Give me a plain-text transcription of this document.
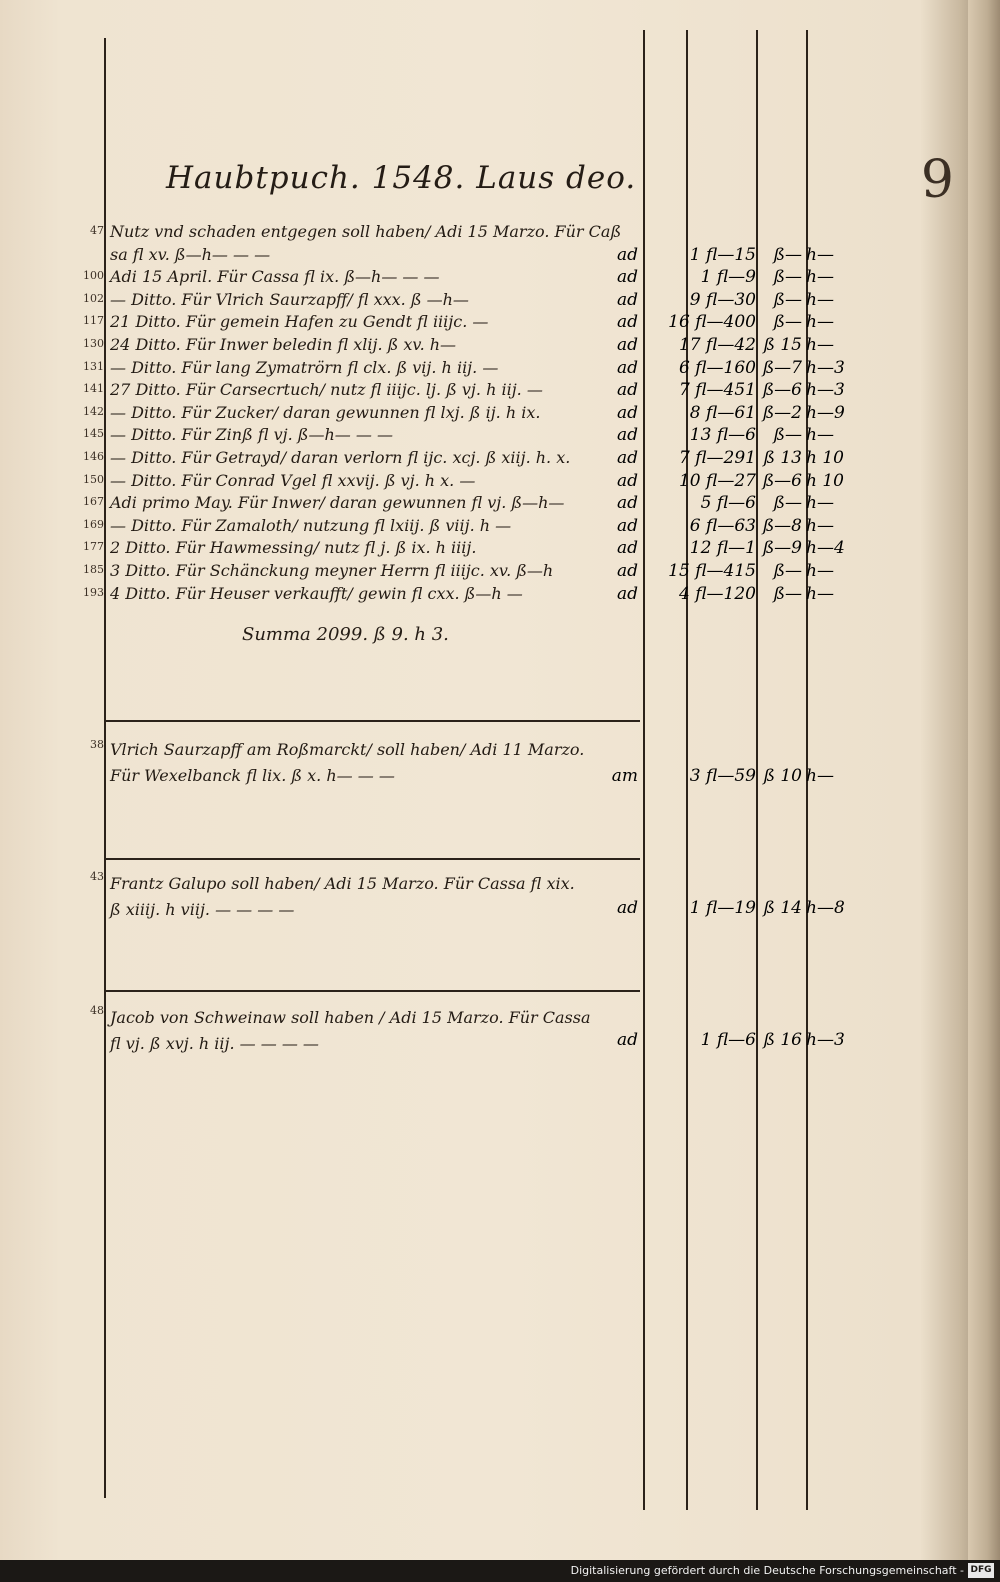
Haubtpuch. 1548. Laus deo.	9
47 Nutz vnd schaden entgegen soll haben/ Adi 15 Marzo. Für Caß
sa fl xv. ß—h— — —	ad	1 fl—15	ß— h—
100 Adi 15 April. Für Cassa fl ix. ß—h— — —	ad	1 fl—9	ß— h—
102 — Ditto. Für Vlrich Saurzapff/ fl xxx. ß —h—	ad	9 fl—30	ß— h—
117 21 Ditto. Für gemein Hafen zu Gendt fl iiijc. —	ad	16 fl—400	ß— h—
130 24 Ditto. Für Inwer beledin fl xlij. ß xv. h—	ad	17 fl—42 ß 15 h—
131 — Ditto. Für lang Zymatrörn fl clx. ß vij. h iij. —	ad	6 fl—160 ß—7 h—3
141 27 Ditto. Für Carsecrtuch/ nutz fl iiijc. lj. ß vj. h iij. —	ad	7 fl—451 ß—6 h—3
142 — Ditto. Für Zucker/ daran gewunnen fl lxj. ß ij. h ix.	ad	8 fl—61 ß—2 h—9
145 — Ditto. Für Zinß fl vj. ß—h— — —	ad	13 fl—6	ß— h—
146 — Ditto. Für Getrayd/ daran verlorn fl ijc. xcj. ß xiij. h. x.	ad	7 fl—291 ß 13 h 10
150 — Ditto. Für Conrad Vgel fl xxvij. ß vj. h x. —	ad	10 fl—27 ß—6 h 10
167 Adi primo May. Für Inwer/ daran gewunnen fl vj. ß—h—	ad	5 fl—6	ß— h—
169 — Ditto. Für Zamaloth/ nutzung fl lxiij. ß viij. h —	ad	6 fl—63 ß—8 h—
177 2 Ditto. Für Hawmessing/ nutz fl j. ß ix. h iiij.	ad	12 fl—1 ß—9 h—4
185 3 Ditto. Für Schänckung meyner Herrn fl iiijc. xv. ß—h	ad	15 fl—415	ß— h—
193 4 Ditto. Für Heuser verkaufft/ gewin fl cxx. ß—h —	ad	4 fl—120	ß— h—
Summa 2099. ß 9. h 3.
38 Vlrich Saurzapff am Roßmarckt/ soll haben/ Adi 11 Marzo.
Für Wexelbanck fl lix. ß x. h— — —	am	3 fl—59 ß 10 h—
43 Frantz Galupo soll haben/ Adi 15 Marzo. Für Cassa fl xix.
ß xiiij. h viij. — — — —	ad	1 fl—19 ß 14 h—8
48 Jacob von Schweinaw soll haben / Adi 15 Marzo. Für Cassa
fl vj. ß xvj. h iij. — — — —	ad	1 fl—6 ß 16 h—3
Digitalisierung gefördert durch die Deutsche Forschungsgemeinschaft - DFG
